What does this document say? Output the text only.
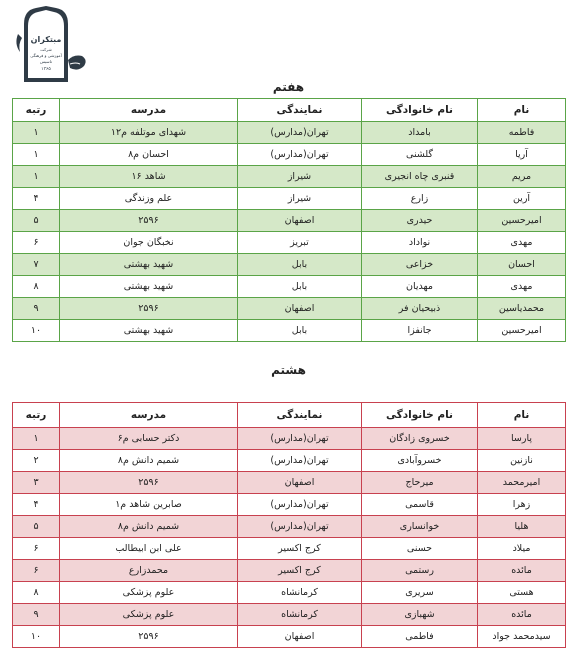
مبتکران
شرکت
آموزشی و فرهنگی
تاسیس
۱۳۶۵
هفتم
نام	نام خانوادگی	نمایندگی	مدرسه	رتبه
فاطمه	بامداد	تهران(مدارس)	شهدای موتلفه م۱۲	۱
آریا	گلشنی	تهران(مدارس)	احسان م۸	۱
مریم	قنبری چاه انجیری	شیراز	شاهد ۱۶	۱
آرین	زارع	شیراز	علم وزندگی	۴
امیرحسین	حیدری	اصفهان	۲۵۹۶	۵
مهدی	نواداد	تبریز	نخبگان جوان	۶
احسان	خزاعی	بابل	شهید بهشتی	۷
مهدی	مهدیان	بابل	شهید بهشتی	۸
محمدیاسین	ذبیحیان فر	اصفهان	۲۵۹۶	۹
امیرحسین	جانفزا	بابل	شهید بهشتی	۱۰
هشتم
نام	نام خانوادگی	نمایندگی	مدرسه	رتبه
پارسا	خسروی زادگان	تهران(مدارس)	دکتر حسابی م۶	۱
نازنین	خسروآبادی	تهران(مدارس)	شمیم دانش م۸	۲
امیرمحمد	میرحاج	اصفهان	۲۵۹۶	۳
زهرا	قاسمی	تهران(مدارس)	صابرین شاهد م۱	۴
هلیا	خوانساری	تهران(مدارس)	شمیم دانش م۸	۵
میلاد	حسنی	کرج اکسیر	علی ابن ابیطالب	۶
مائده	رستمی	کرج اکسیر	محمدزارع	۶
هستی	سریری	کرمانشاه	علوم پزشکی	۸
مائده	شهبازی	کرمانشاه	علوم پزشکی	۹
سیدمحمد جواد	فاطمی	اصفهان	۲۵۹۶	۱۰
